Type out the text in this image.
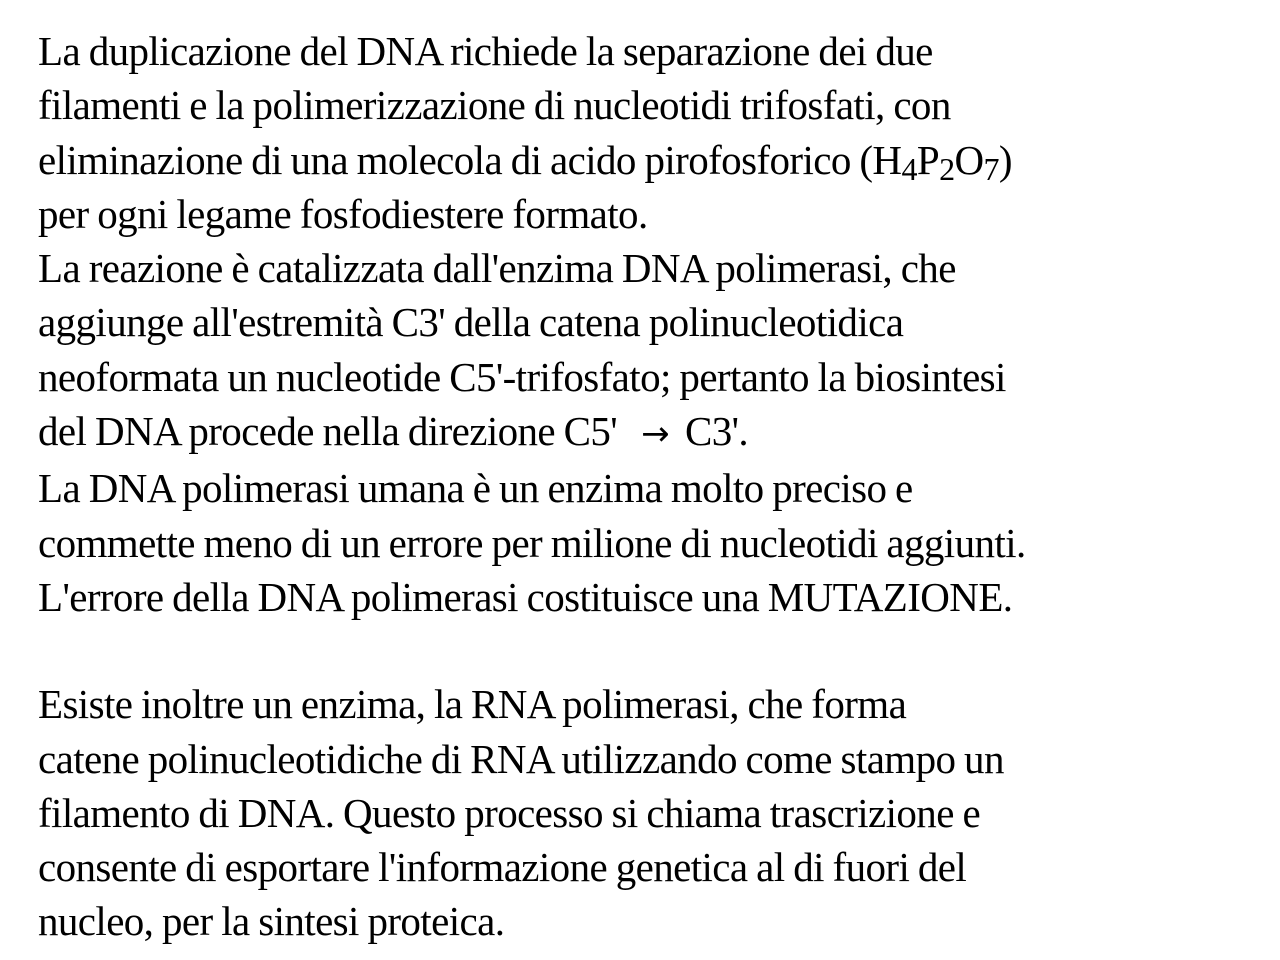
La duplicazione del DNA richiede la separazione dei due
filamenti e la polimerizzazione di nucleotidi trifosfati, con
eliminazione di una molecola di acido pirofosforico (H4P2O7)
per ogni legame fosfodiestere formato.
La reazione è catalizzata dall'enzima DNA polimerasi, che
aggiunge all'estremità C3' della catena polinucleotidica
neoformata un nucleotide C5'-trifosfato; pertanto la biosintesi
del DNA procede nella direzione C5' → C3'.
La DNA polimerasi umana è un enzima molto preciso e
commette meno di un errore per milione di nucleotidi aggiunti.
L'errore della DNA polimerasi costituisce una MUTAZIONE.
Esiste inoltre un enzima, la RNA polimerasi, che forma
catene polinucleotidiche di RNA utilizzando come stampo un
filamento di DNA. Questo processo si chiama trascrizione e
consente di esportare l'informazione genetica al di fuori del
nucleo, per la sintesi proteica.
